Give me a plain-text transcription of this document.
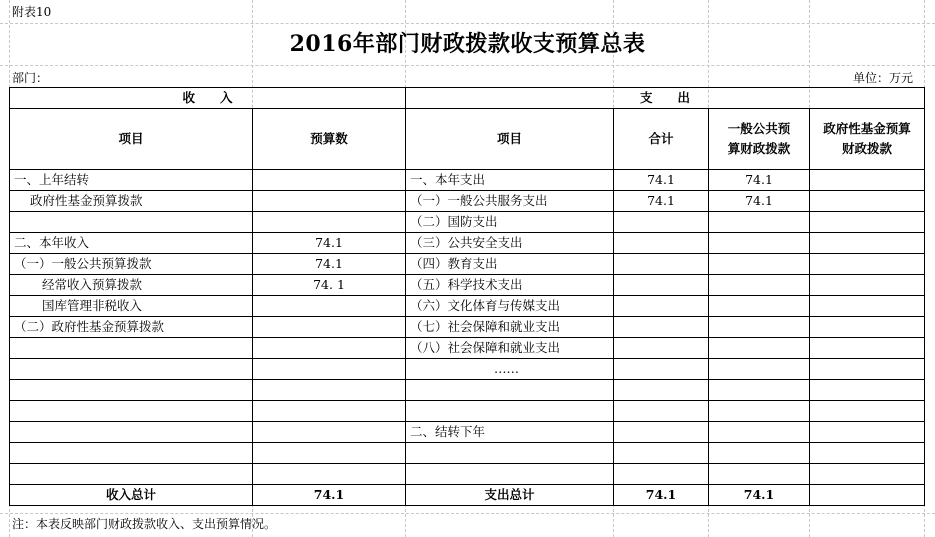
附表10
2016年部门财政拨款收支预算总表
部门：	单位：万元
收　　入		支　　出			
项目	预算数	项目	合计	一般公共预算财政拨款	政府性基金预算财政拨款
一、上年结转		一、本年支出	74.1	74.1	
政府性基金预算拨款		（一）一般公共服务支出	74.1	74.1	
		（二）国防支出			
二、本年收入	74.1	（三）公共安全支出			
（一）一般公共预算拨款	74.1	（四）教育支出			
经常收入预算拨款	74. 1	（五）科学技术支出			
国库管理非税收入		（六）文化体育与传媒支出			
（二）政府性基金预算拨款		（七）社会保障和就业支出			
		（八）社会保障和就业支出			
		……			

		二、结转下年			

收入总计	74.1	支出总计	74.1	74.1	
注：本表反映部门财政拨款收入、支出预算情况。
